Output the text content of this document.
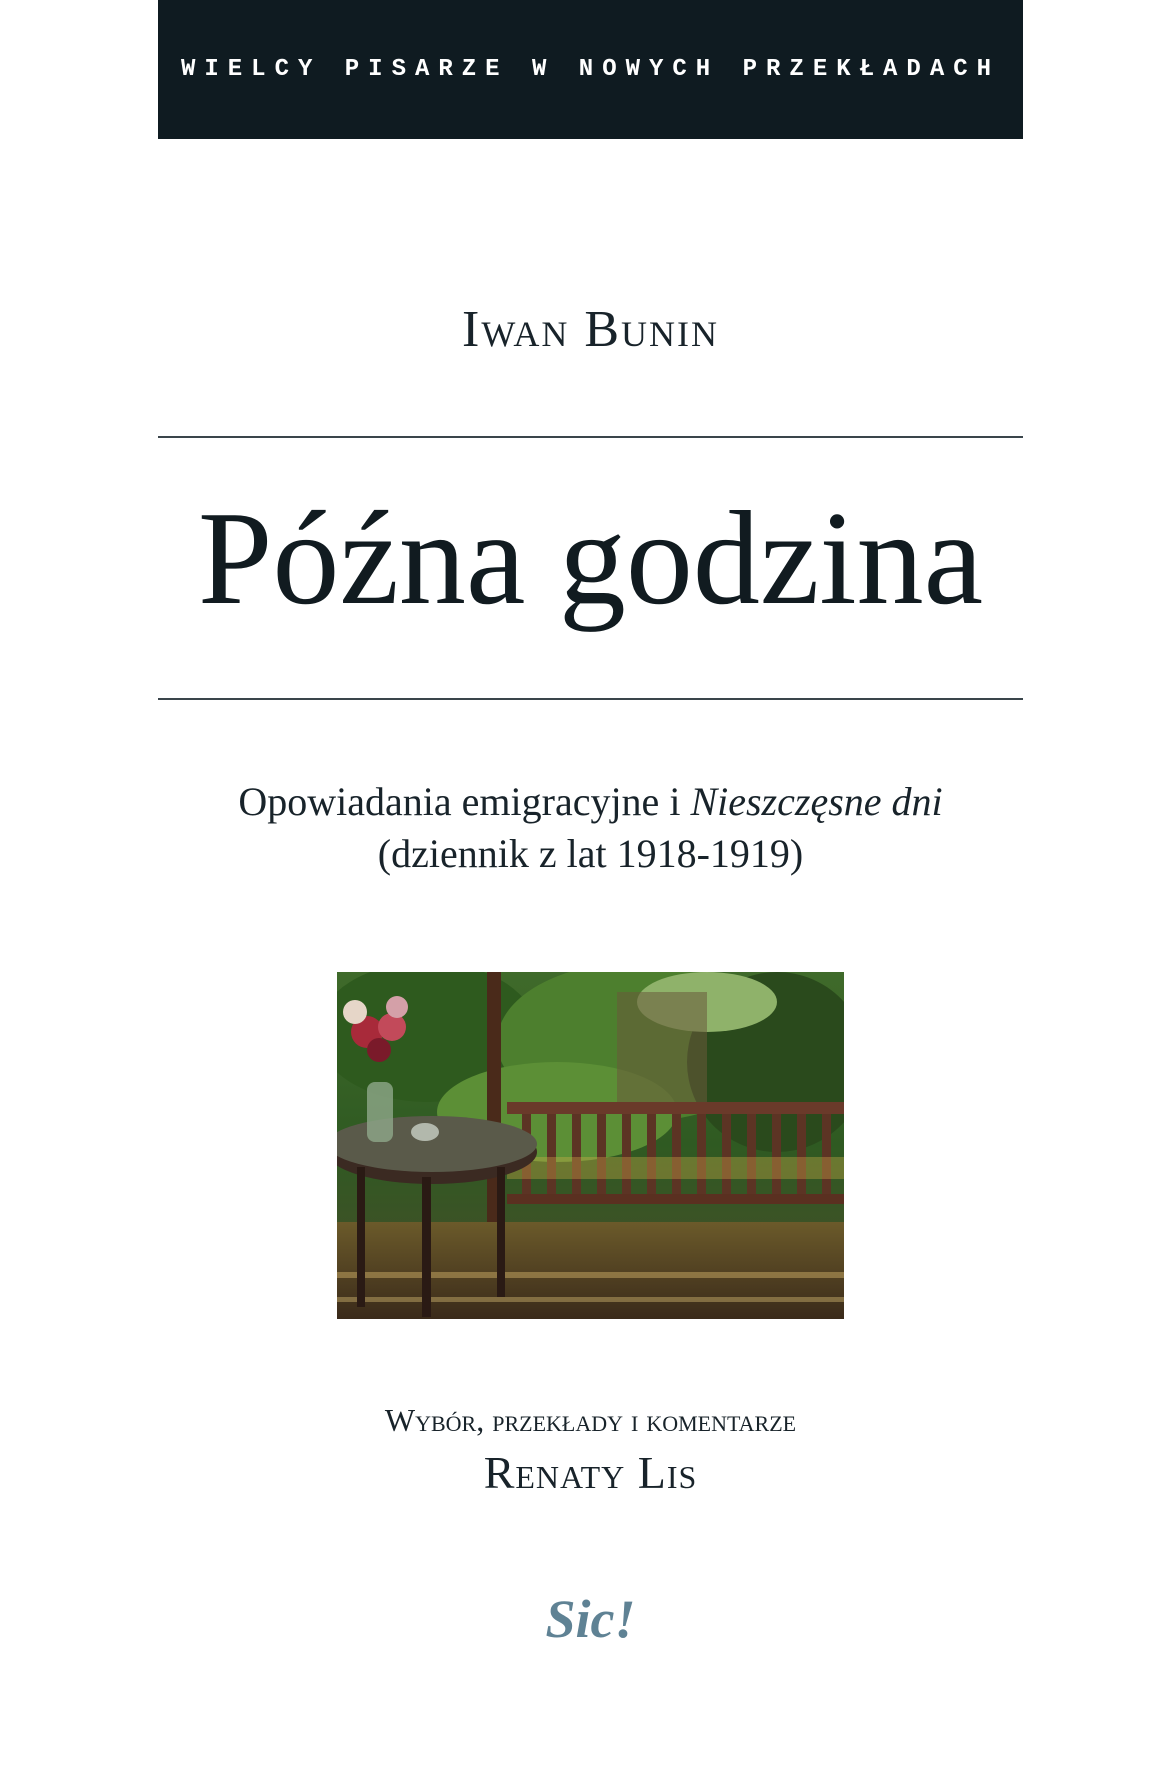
WIELCY PISARZE W NOWYCH PRZEKŁADACH
Iwan Bunin
Późna godzina
Opowiadania emigracyjne i Nieszczęsne dni
(dziennik z lat 1918-1919)
Wybór, przekłady i komentarze
Renaty Lis
Sic!
